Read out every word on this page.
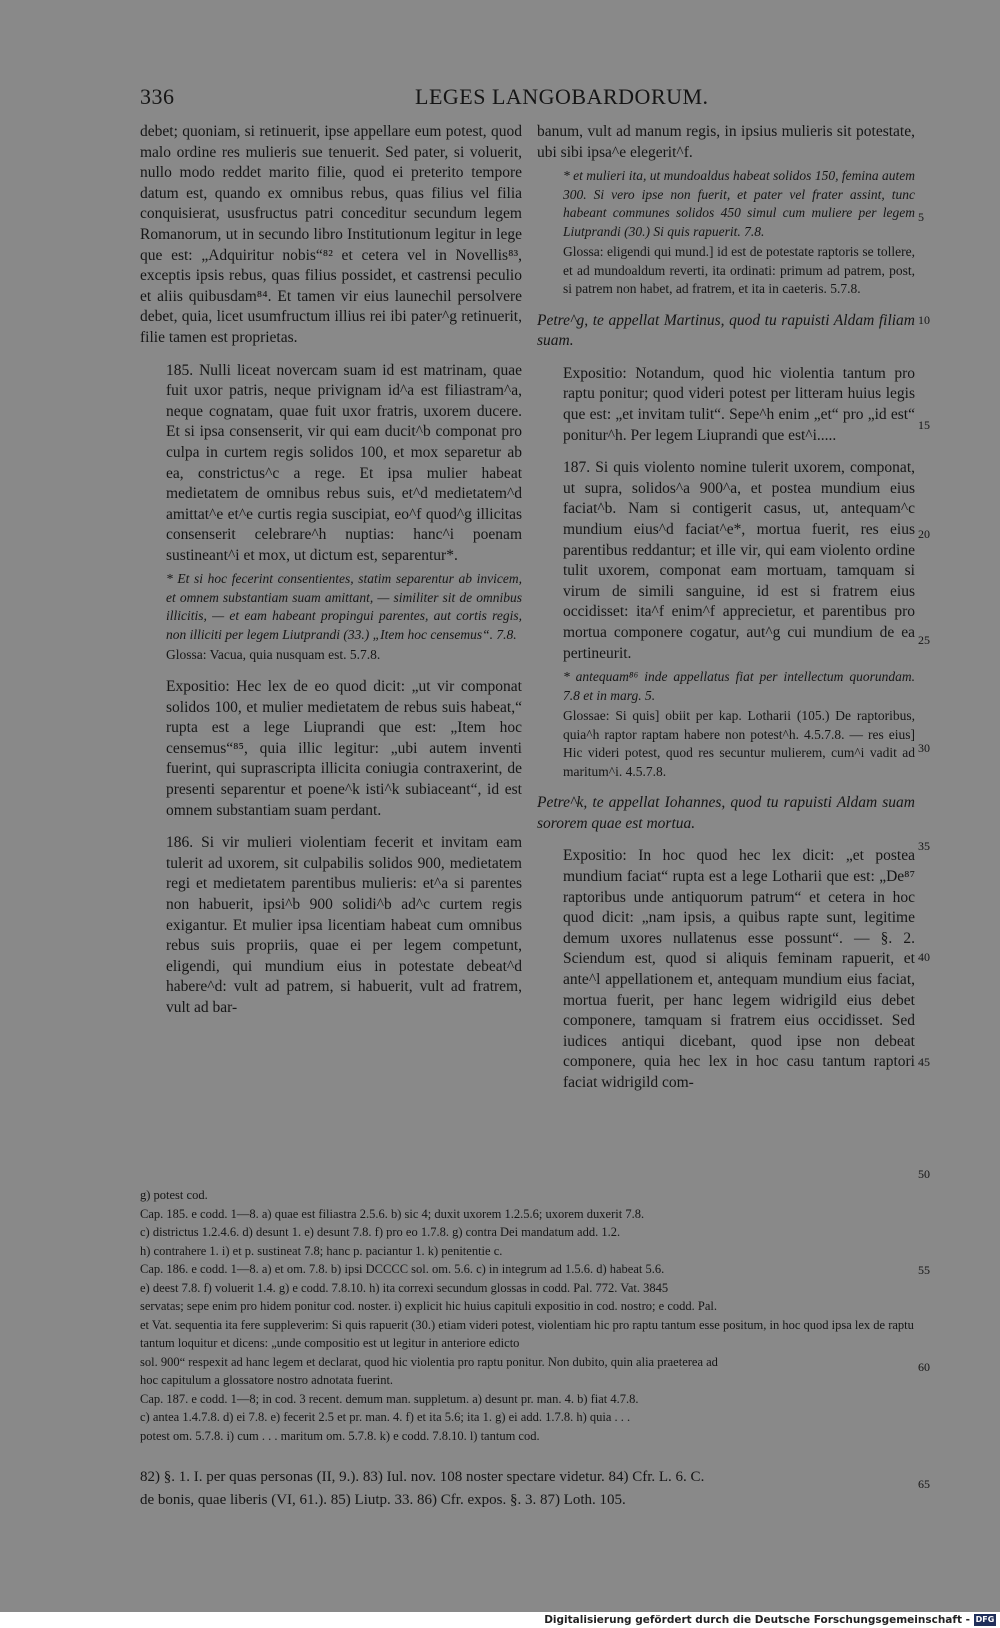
336	LEGES LANGOBARDORUM.

debet; quoniam, si retinuerit, ipse appellare eum potest, quod malo ordine res mulieris sue tenuerit. Sed pater, si voluerit, nullo modo reddet marito filie, quod ei preterito tempore datum est, quando ex omnibus rebus, quas filius vel filia conquisierat, ususfructus patri conceditur secundum legem Romanorum, ut in secundo libro Institutionum legitur in lege que est: „Adquiritur nobis“⁸² et cetera vel in Novellis⁸³, exceptis ipsis rebus, quas filius possidet, et castrensi peculio et aliis quibusdam⁸⁴. Et tamen vir eius launechil persolvere debet, quia, licet usumfructum illius rei ibi pater^g retinuerit, filie tamen est proprietas.

185. Nulli liceat novercam suam id est matrinam, quae fuit uxor patris, neque privignam id^a est filiastram^a, neque cognatam, quae fuit uxor fratris, uxorem ducere. Et si ipsa consenserit, vir qui eam ducit^b componat pro culpa in curtem regis solidos 100, et mox separetur ab ea, constrictus^c a rege. Et ipsa mulier habeat medietatem de omnibus rebus suis, et^d medietatem^d amittat^e et^e curtis regia suscipiat, eo^f quod^g illicitas consenserit celebrare^h nuptias: hanc^i poenam sustineant^i et mox, ut dictum est, separentur*.

* Et si hoc fecerint consentientes, statim separentur ab invicem, et omnem substantiam suam amittant, — similiter sit de omnibus illicitis, — et eam habeant propingui parentes, aut cortis regis, non illiciti per legem Liutprandi (33.) „Item hoc censemus“. 7.8.

Glossa: Vacua, quia nusquam est. 5.7.8.

Expositio: Hec lex de eo quod dicit: „ut vir componat solidos 100, et mulier medietatem de rebus suis habeat,“ rupta est a lege Liuprandi que est: „Item hoc censemus“⁸⁵, quia illic legitur: „ubi autem inventi fuerint, qui suprascripta illicita coniugia contraxerint, de presenti separentur et poene^k isti^k subiaceant“, id est omnem substantiam suam perdant.

186. Si vir mulieri violentiam fecerit et invitam eam tulerit ad uxorem, sit culpabilis solidos 900, medietatem regi et medietatem parentibus mulieris: et^a si parentes non habuerit, ipsi^b 900 solidi^b ad^c curtem regis exigantur. Et mulier ipsa licentiam habeat cum omnibus rebus suis propriis, quae ei per legem competunt, eligendi, qui mundium eius in potestate debeat^d habere^d: vult ad patrem, si habuerit, vult ad fratrem, vult ad bar-

banum, vult ad manum regis, in ipsius mulieris sit potestate, ubi sibi ipsa^e elegerit^f.

* et mulieri ita, ut mundoaldus habeat solidos 150, femina autem 300. Si vero ipse non fuerit, et pater vel frater assint, tunc habeant communes solidos 450 simul cum muliere per legem Liutprandi (30.) Si quis rapuerit. 7.8.

Glossa: eligendi qui mund.] id est de potestate raptoris se tollere, et ad mundoaldum reverti, ita ordinati: primum ad patrem, post, si patrem non habet, ad fratrem, et ita in caeteris. 5.7.8.

Petre^g, te appellat Martinus, quod tu rapuisti Aldam filiam suam.

Expositio: Notandum, quod hic violentia tantum pro raptu ponitur; quod videri potest per litteram huius legis que est: „et invitam tulit“. Sepe^h enim „et“ pro „id est“ ponitur^h. Per legem Liuprandi que est^i.....

187. Si quis violento nomine tulerit uxorem, componat, ut supra, solidos^a 900^a, et postea mundium eius faciat^b. Nam si contigerit casus, ut, antequam^c mundium eius^d faciat^e*, mortua fuerit, res eius parentibus reddantur; et ille vir, qui eam violento ordine tulit uxorem, componat eam mortuam, tamquam si virum de simili sanguine, id est si fratrem eius occidisset: ita^f enim^f apprecietur, et parentibus pro mortua componere cogatur, aut^g cui mundium de ea pertineurit.

* antequam⁸⁶ inde appellatus fiat per intellectum quorundam. 7.8 et in marg. 5.

Glossae: Si quis] obiit per kap. Lotharii (105.) De raptoribus, quia^h raptor raptam habere non potest^h. 4.5.7.8. — res eius] Hic videri potest, quod res secuntur mulierem, cum^i vadit ad maritum^i. 4.5.7.8.

Petre^k, te appellat Iohannes, quod tu rapuisti Aldam suam sororem quae est mortua.

Expositio: In hoc quod hec lex dicit: „et postea mundium faciat“ rupta est a lege Lotharii que est: „De⁸⁷ raptoribus unde antiquorum patrum“ et cetera in hoc quod dicit: „nam ipsis, a quibus rapte sunt, legitime demum uxores nullatenus esse possunt“. — §. 2. Sciendum est, quod si aliquis feminam rapuerit, et ante^l appellationem et, antequam mundium eius faciat, mortua fuerit, per hanc legem widrigild eius debet componere, tamquam si fratrem eius occidisset. Sed iudices antiqui dicebant, quod ipse non debeat componere, quia hec lex in hoc casu tantum raptori faciat widrigild com-

5
10
15
20
25
30
35
40
45
50
55
60
65

g) potest cod.

Cap. 185. e codd. 1—8. a) quae est filiastra 2.5.6. b) sic 4; duxit uxorem 1.2.5.6; uxorem duxerit 7.8.

c) districtus 1.2.4.6. d) desunt 1. e) desunt 7.8. f) pro eo 1.7.8. g) contra Dei mandatum add. 1.2.

h) contrahere 1. i) et p. sustineat 7.8; hanc p. paciantur 1. k) penitentie c.

Cap. 186. e codd. 1—8. a) et om. 7.8. b) ipsi DCCCC sol. om. 5.6. c) in integrum ad 1.5.6. d) habeat 5.6.

e) deest 7.8. f) voluerit 1.4. g) e codd. 7.8.10. h) ita correxi secundum glossas in codd. Pal. 772. Vat. 3845

servatas; sepe enim pro hidem ponitur cod. noster. i) explicit hic huius capituli expositio in cod. nostro; e codd. Pal.

et Vat. sequentia ita fere suppleverim: Si quis rapuerit (30.) etiam videri potest, violentiam hic pro raptu tantum esse positum, in hoc quod ipsa lex de raptu tantum loquitur et dicens: „unde compositio est ut legitur in anteriore edicto

sol. 900“ respexit ad hanc legem et declarat, quod hic violentia pro raptu ponitur. Non dubito, quin alia praeterea ad

hoc capitulum a glossatore nostro adnotata fuerint.

Cap. 187. e codd. 1—8; in cod. 3 recent. demum man. suppletum. a) desunt pr. man. 4. b) fiat 4.7.8.

c) antea 1.4.7.8. d) ei 7.8. e) fecerit 2.5 et pr. man. 4. f) et ita 5.6; ita 1. g) ei add. 1.7.8. h) quia . . .

potest om. 5.7.8. i) cum . . . maritum om. 5.7.8. k) e codd. 7.8.10. l) tantum cod.

82) §. 1. I. per quas personas (II, 9.). 83) Iul. nov. 108 noster spectare videtur. 84) Cfr. L. 6. C.

de bonis, quae liberis (VI, 61.). 85) Liutp. 33. 86) Cfr. expos. §. 3. 87) Loth. 105.

Digitalisierung gefördert durch die Deutsche Forschungsgemeinschaft - DFG
